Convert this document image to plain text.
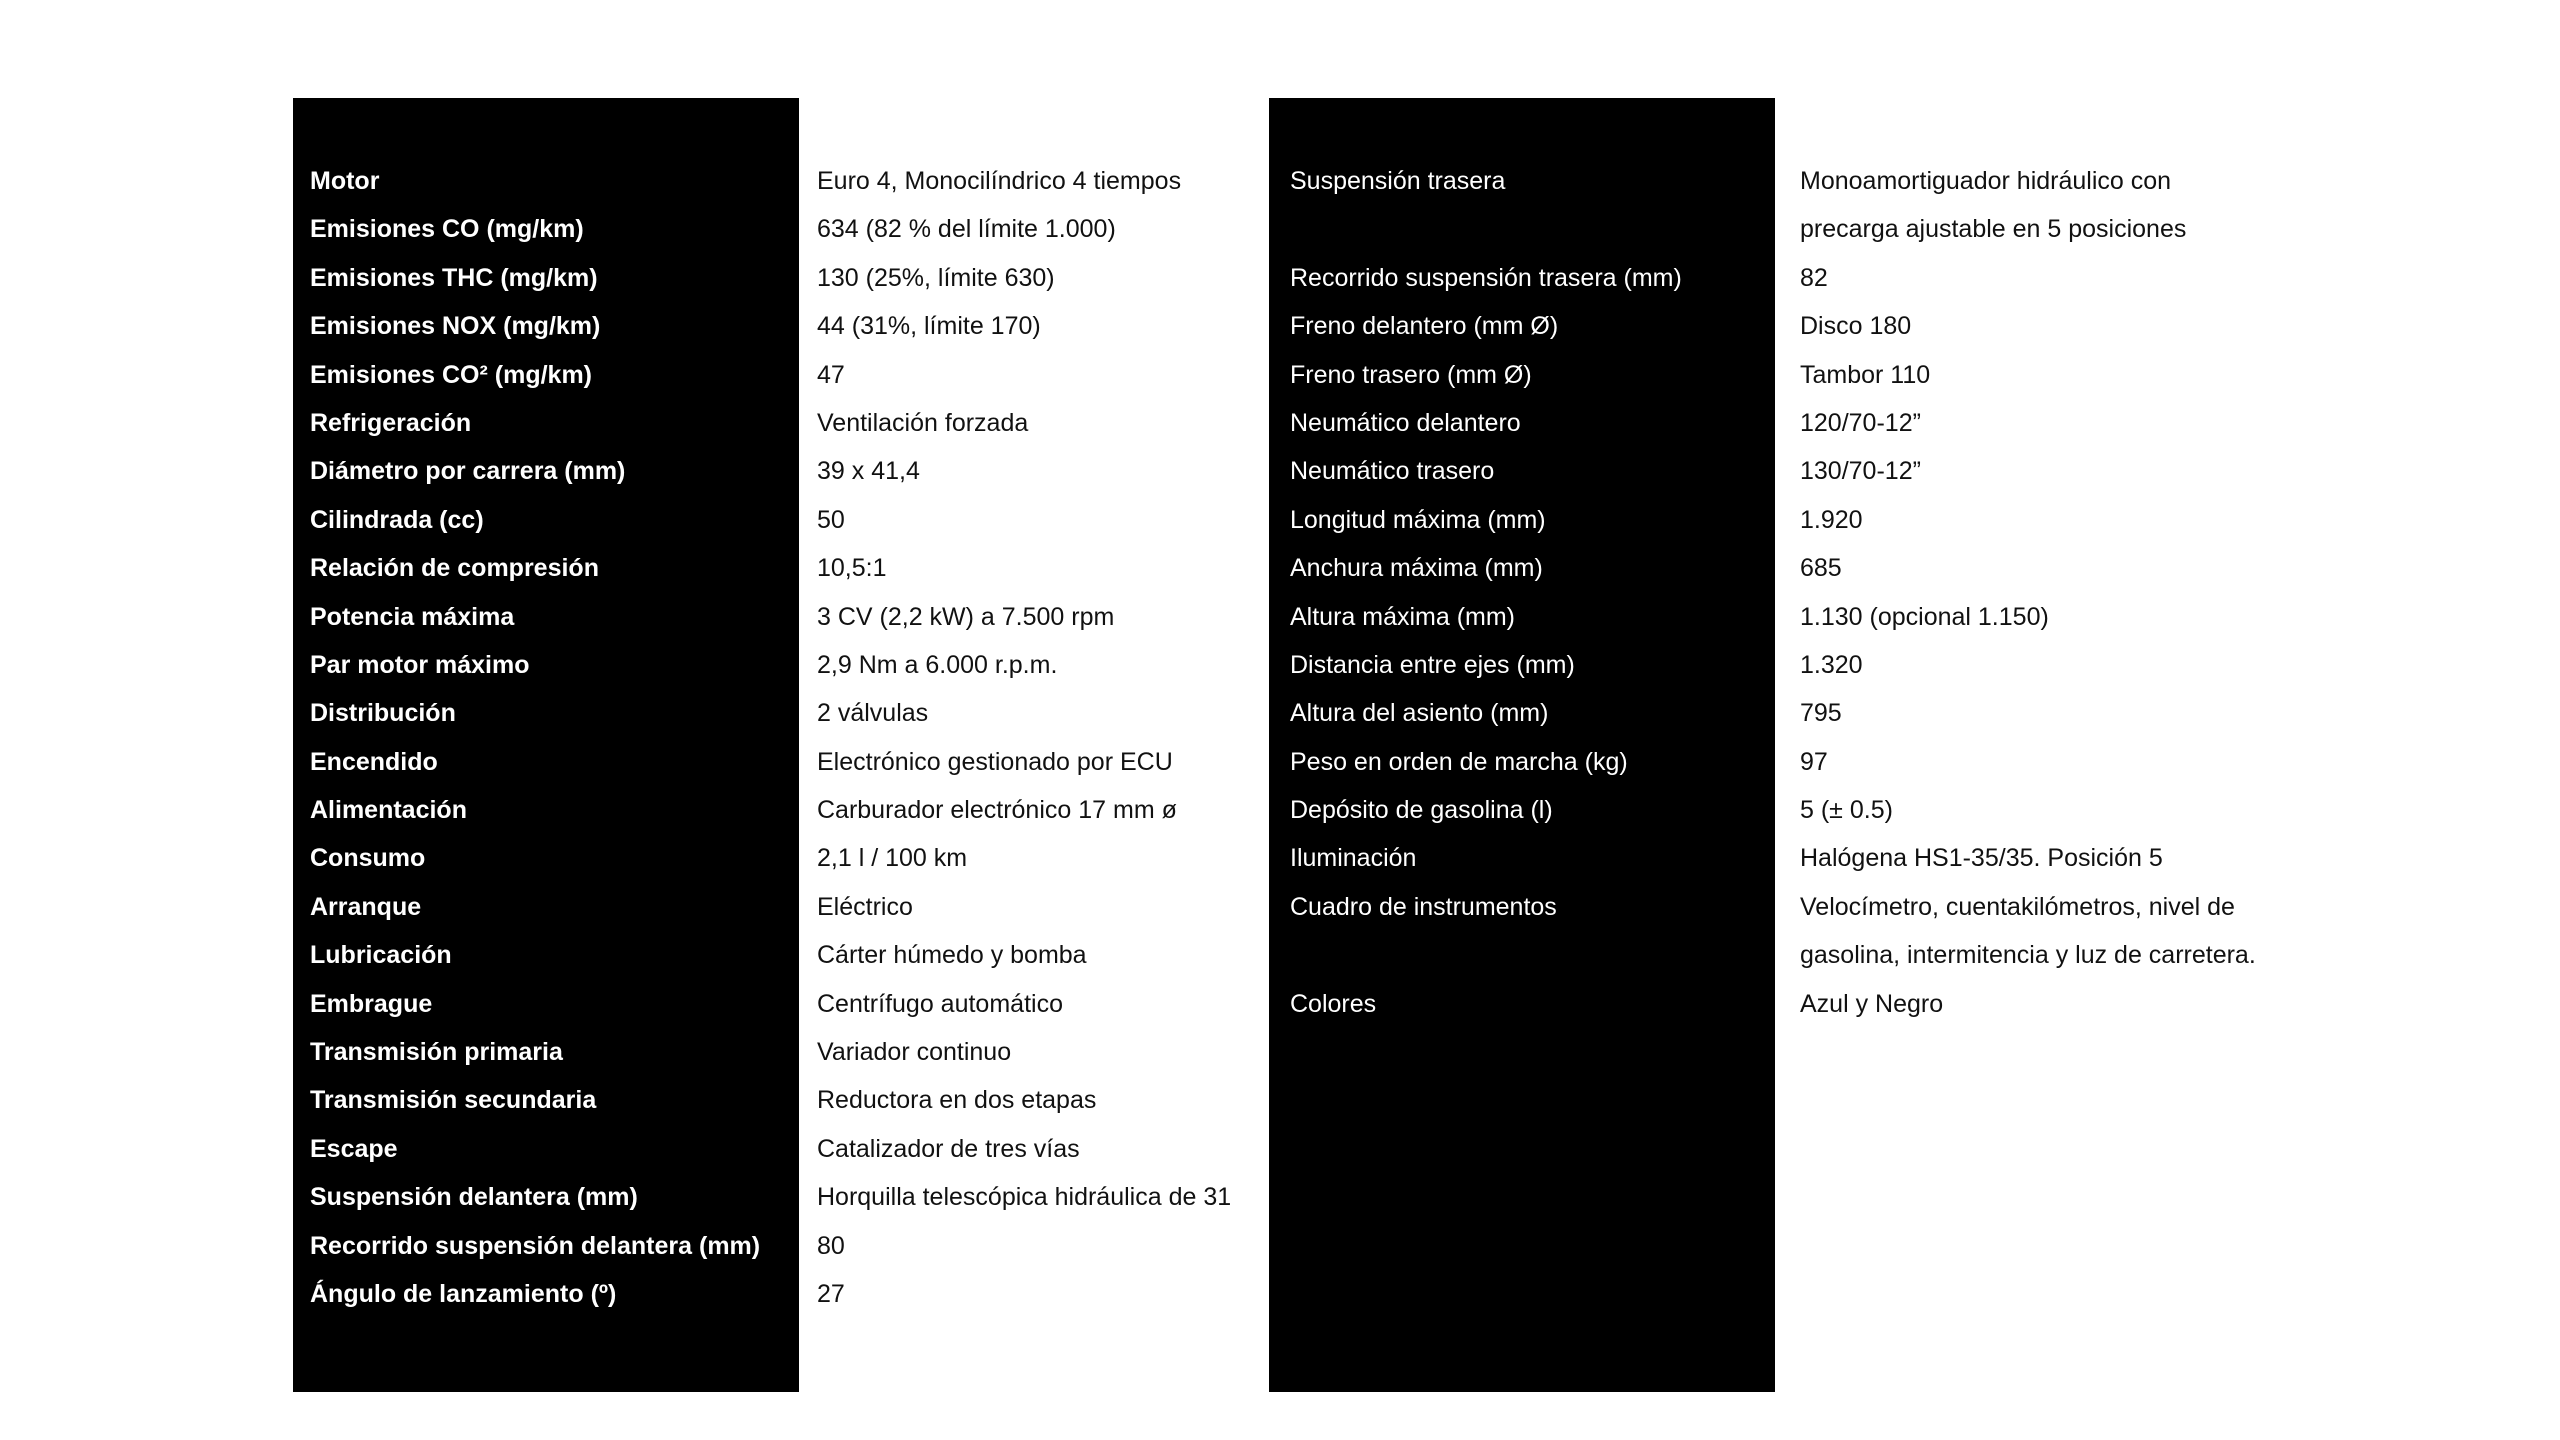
Motor
Emisiones CO (mg/km)
Emisiones THC (mg/km)
Emisiones NOX (mg/km)
Emisiones CO² (mg/km)
Refrigeración
Diámetro por carrera (mm)
Cilindrada (cc)
Relación de compresión
Potencia máxima
Par motor máximo
Distribución
Encendido
Alimentación
Consumo
Arranque
Lubricación
Embrague
Transmisión primaria
Transmisión secundaria
Escape
Suspensión delantera (mm)
Recorrido suspensión delantera (mm)
Ángulo de lanzamiento (º)
Euro 4, Monocilíndrico 4 tiempos
634 (82 % del límite 1.000)
130 (25%, límite 630)
44 (31%, límite 170)
47
Ventilación forzada
39 x 41,4
50
10,5:1
3 CV (2,2 kW) a 7.500 rpm
2,9 Nm a 6.000 r.p.m.
2 válvulas
Electrónico gestionado por ECU
Carburador electrónico 17 mm ø
2,1 l / 100 km
Eléctrico
Cárter húmedo y bomba
Centrífugo automático
Variador continuo
Reductora en dos etapas
Catalizador de tres vías
Horquilla telescópica hidráulica de 31
80
27
Suspensión trasera
Recorrido suspensión trasera (mm)
Freno delantero (mm Ø)
Freno trasero (mm Ø)
Neumático delantero
Neumático trasero
Longitud máxima (mm)
Anchura máxima (mm)
Altura máxima (mm)
Distancia entre ejes (mm)
Altura del asiento (mm)
Peso en orden de marcha (kg)
Depósito de gasolina (l)
Iluminación
Cuadro de instrumentos
Colores
Monoamortiguador hidráulico con
precarga ajustable en 5 posiciones
82
Disco 180
Tambor 110
120/70-12”
130/70-12”
1.920
685
1.130 (opcional 1.150)
1.320
795
97
5 (± 0.5)
Halógena HS1-35/35. Posición 5
Velocímetro, cuentakilómetros, nivel de
gasolina, intermitencia y luz de carretera.
Azul y Negro
